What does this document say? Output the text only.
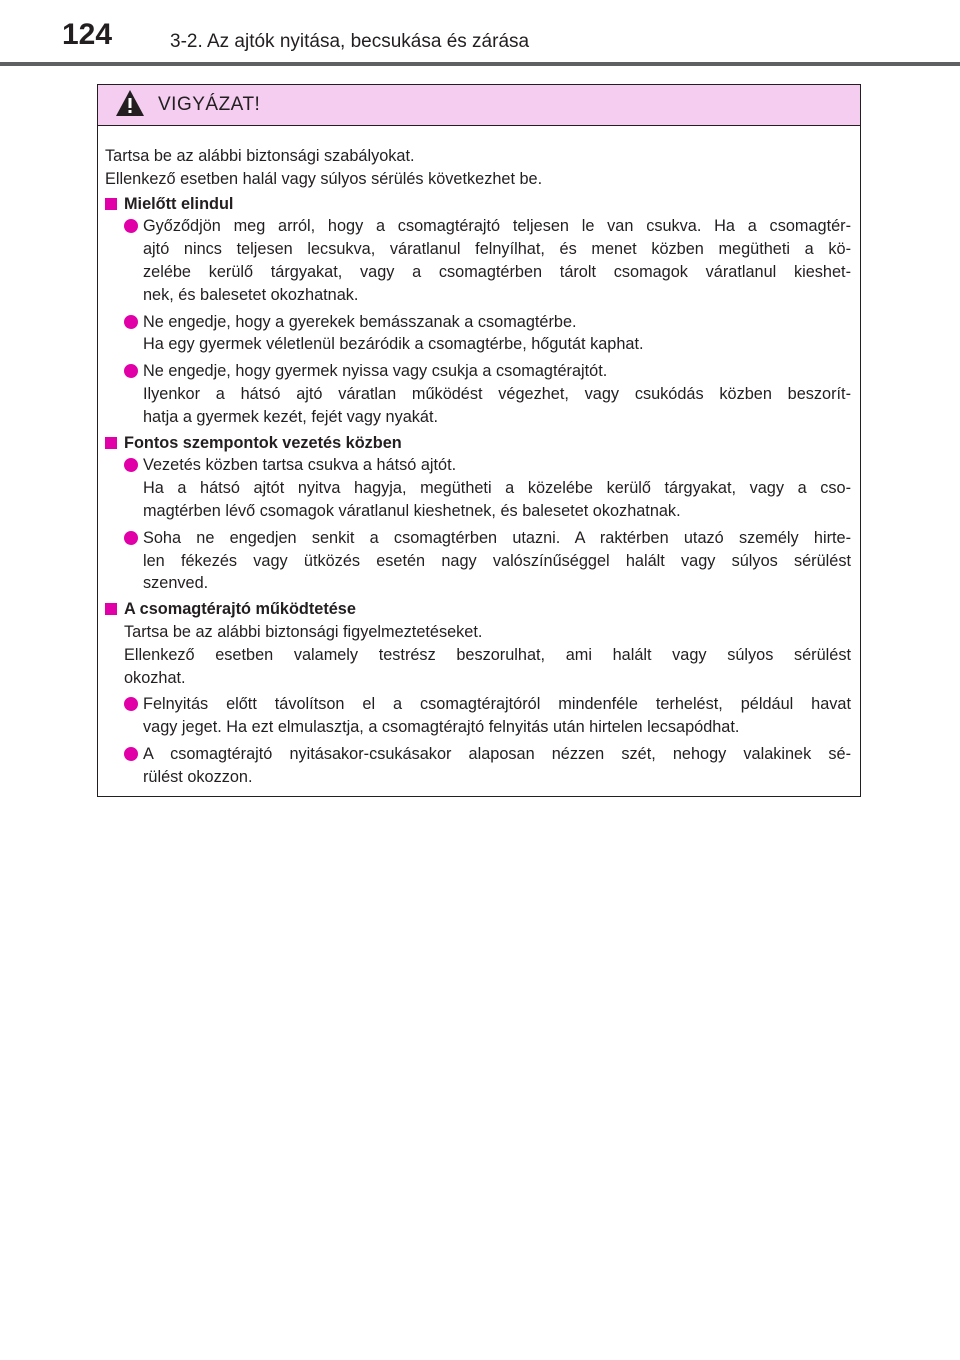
124	3-2. Az ajtók nyitása, becsukása és zárása
VIGYÁZAT!
Tartsa be az alábbi biztonsági szabályokat.
Ellenkező esetben halál vagy súlyos sérülés következhet be.
Mielőtt elindul
Győződjön meg arról, hogy a csomagtérajtó teljesen le van csukva. Ha a csomagtér-
ajtó nincs teljesen lecsukva, váratlanul felnyílhat, és menet közben megütheti a kö-
zelébe kerülő tárgyakat, vagy a csomagtérben tárolt csomagok váratlanul kieshet-
nek, és balesetet okozhatnak.
Ne engedje, hogy a gyerekek bemásszanak a csomagtérbe.
Ha egy gyermek véletlenül bezáródik a csomagtérbe, hőgutát kaphat.
Ne engedje, hogy gyermek nyissa vagy csukja a csomagtérajtót.
Ilyenkor a hátsó ajtó váratlan működést végezhet, vagy csukódás közben beszorít-
hatja a gyermek kezét, fejét vagy nyakát.
Fontos szempontok vezetés közben
Vezetés közben tartsa csukva a hátsó ajtót.
Ha a hátsó ajtót nyitva hagyja, megütheti a közelébe kerülő tárgyakat, vagy a cso-
magtérben lévő csomagok váratlanul kieshetnek, és balesetet okozhatnak.
Soha ne engedjen senkit a csomagtérben utazni. A raktérben utazó személy hirte-
len fékezés vagy ütközés esetén nagy valószínűséggel halált vagy súlyos sérülést
szenved.
A csomagtérajtó működtetése
Tartsa be az alábbi biztonsági figyelmeztetéseket.
Ellenkező esetben valamely testrész beszorulhat, ami halált vagy súlyos sérülést
okozhat.
Felnyitás előtt távolítson el a csomagtérajtóról mindenféle terhelést, például havat
vagy jeget. Ha ezt elmulasztja, a csomagtérajtó felnyitás után hirtelen lecsapódhat.
A csomagtérajtó nyitásakor-csukásakor alaposan nézzen szét, nehogy valakinek sé-
rülést okozzon.
